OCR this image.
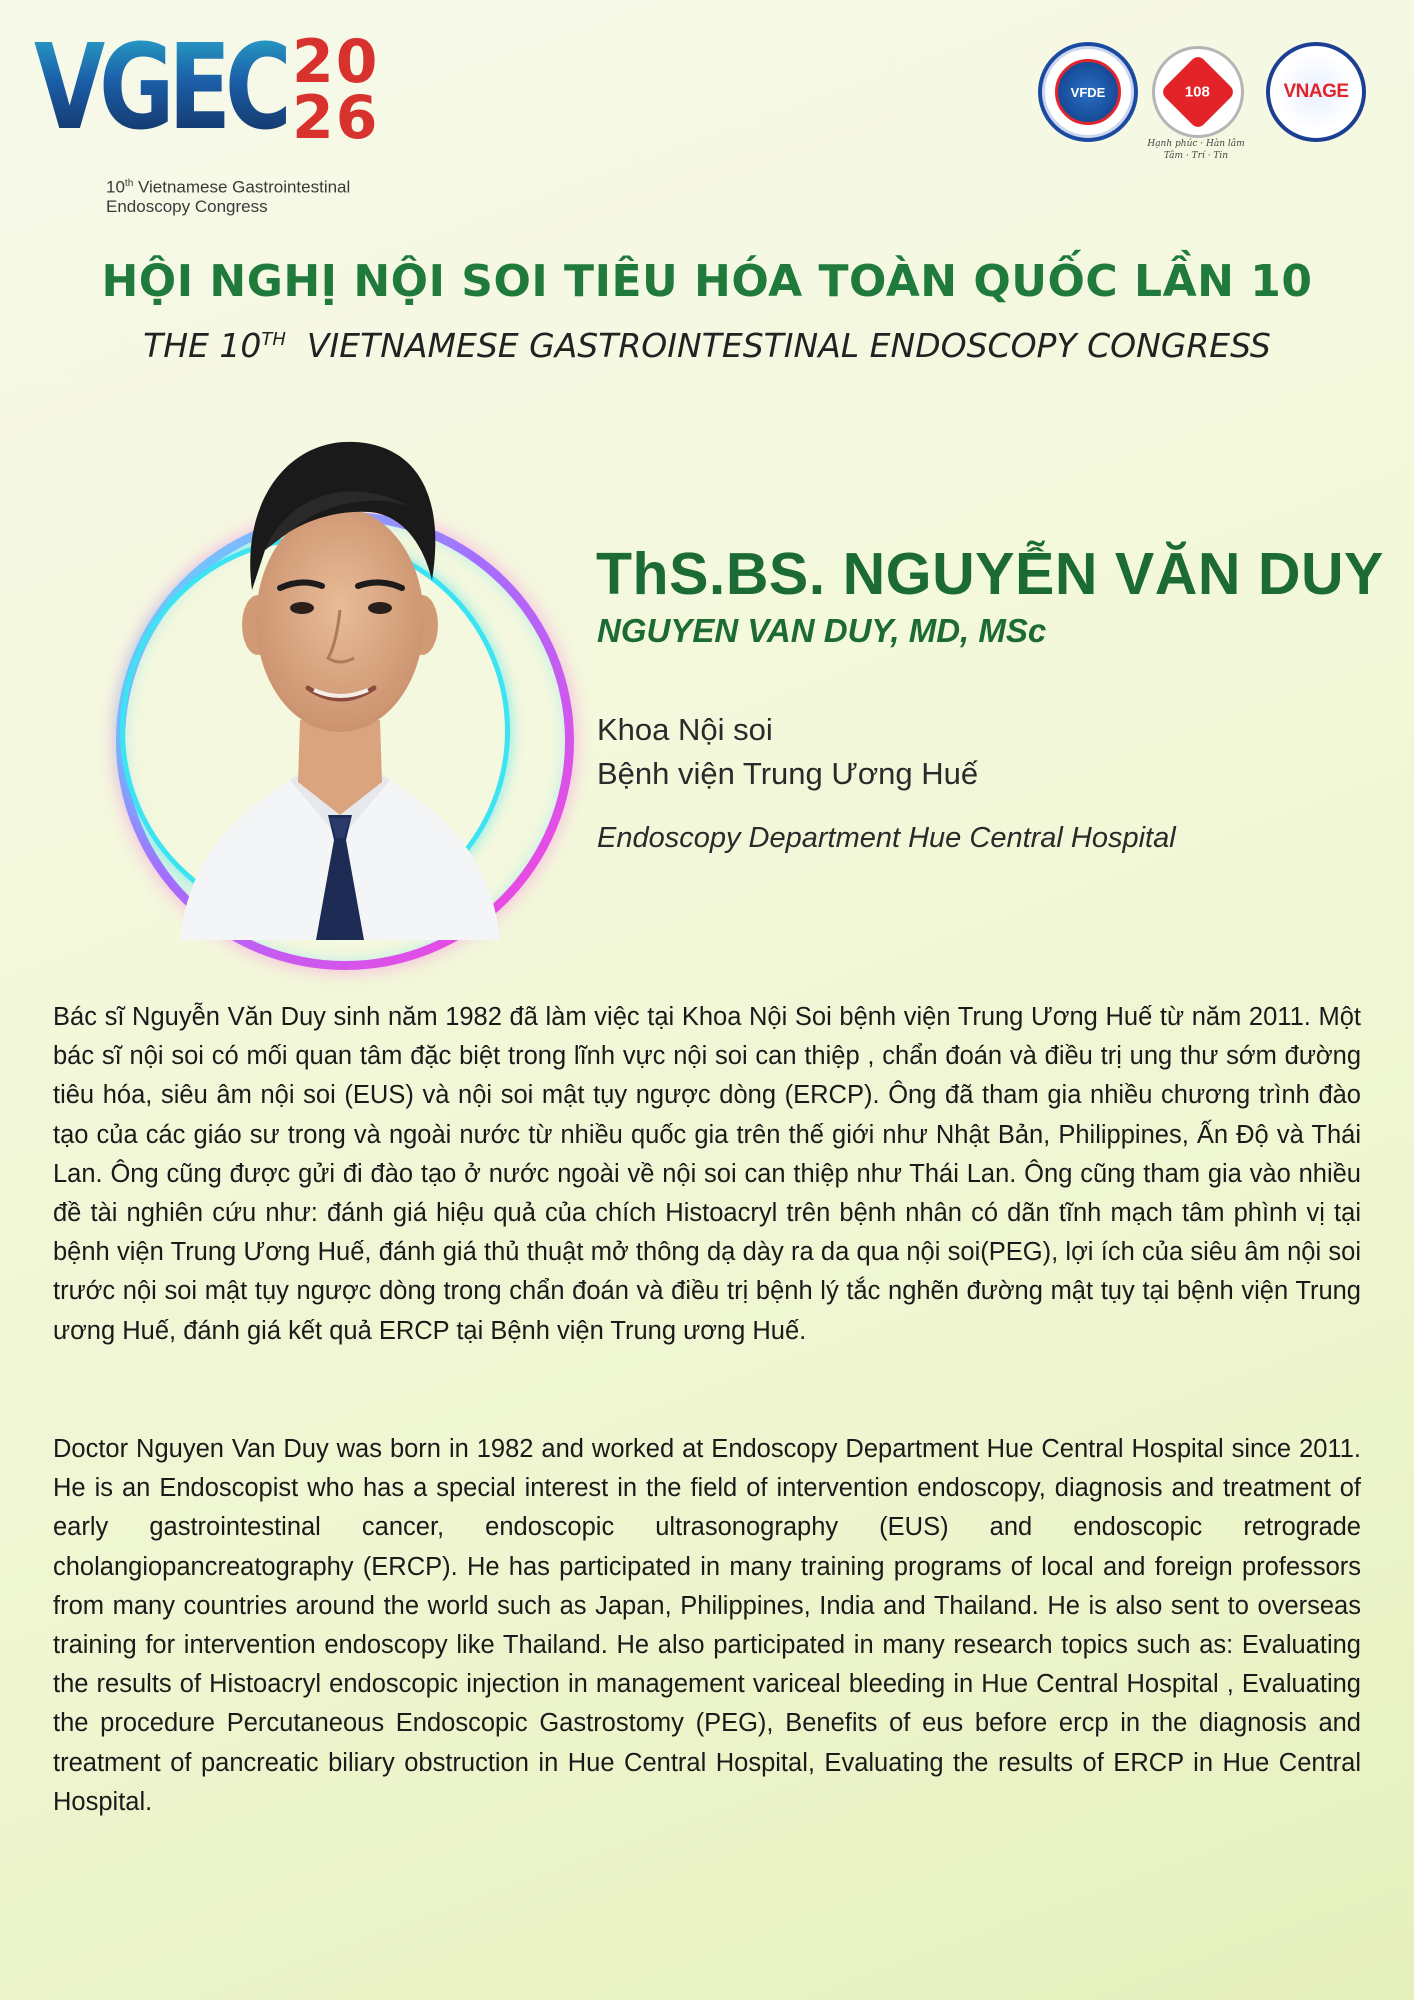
VGEC 20
26
10th Vietnamese Gastrointestinal
Endoscopy Congress
VFDE	108
Hạnh phúc · Hàn lâm
Tâm · Trí · Tin
VNAGE
HỘI NGHỊ NỘI SOI TIÊU HÓA TOÀN QUỐC LẦN 10
THE 10TH  VIETNAMESE GASTROINTESTINAL ENDOSCOPY CONGRESS
ThS.BS. NGUYỄN VĂN DUY
NGUYEN VAN DUY, MD, MSc
Khoa Nội soi
Bệnh viện Trung Ương Huế
Endoscopy Department Hue Central Hospital

Bác sĩ Nguyễn Văn Duy sinh năm 1982 đã làm việc tại Khoa Nội Soi bệnh viện Trung Ương Huế từ năm 2011. Một bác sĩ nội soi có mối quan tâm đặc biệt trong lĩnh vực nội soi can thiệp , chẩn đoán và điều trị ung thư sớm đường tiêu hóa, siêu âm nội soi (EUS) và nội soi mật tụy ngược dòng (ERCP). Ông đã tham gia nhiều chương trình đào tạo của các giáo sư trong và ngoài nước từ nhiều quốc gia trên thế giới như Nhật Bản, Philippines, Ấn Độ và Thái Lan. Ông cũng được gửi đi đào tạo ở nước ngoài về nội soi can thiệp như Thái Lan. Ông cũng tham gia vào nhiều đề tài nghiên cứu như: đánh giá hiệu quả của chích Histoacryl trên bệnh nhân có dãn tĩnh mạch tâm phình vị tại bệnh viện Trung Ương Huế, đánh giá thủ thuật mở thông dạ dày ra da qua nội soi(PEG), lợi ích của siêu âm nội soi trước nội soi mật tụy ngược dòng trong chẩn đoán và điều trị bệnh lý tắc nghẽn đường mật tụy tại bệnh viện Trung ương Huế, đánh giá kết quả ERCP tại Bệnh viện Trung ương Huế.

Doctor Nguyen Van Duy was born in 1982 and worked at Endoscopy Department Hue Central Hospital since 2011. He is an Endoscopist who has a special interest in the field of intervention endoscopy, diagnosis and treatment of early gastrointestinal cancer, endoscopic ultrasonography (EUS) and endoscopic retrograde cholangiopancreatography (ERCP). He has participated in many training programs of local and foreign professors from many countries around the world such as Japan, Philippines, India and Thailand. He is also sent to overseas training for intervention endoscopy like Thailand. He also participated in many research topics such as: Evaluating the results of Histoacryl endoscopic injection in management variceal bleeding in Hue Central Hospital , Evaluating the procedure Percutaneous Endoscopic Gastrostomy (PEG), Benefits of eus before ercp in the diagnosis and treatment of pancreatic biliary obstruction in Hue Central Hospital, Evaluating the results of ERCP in Hue Central Hospital.
